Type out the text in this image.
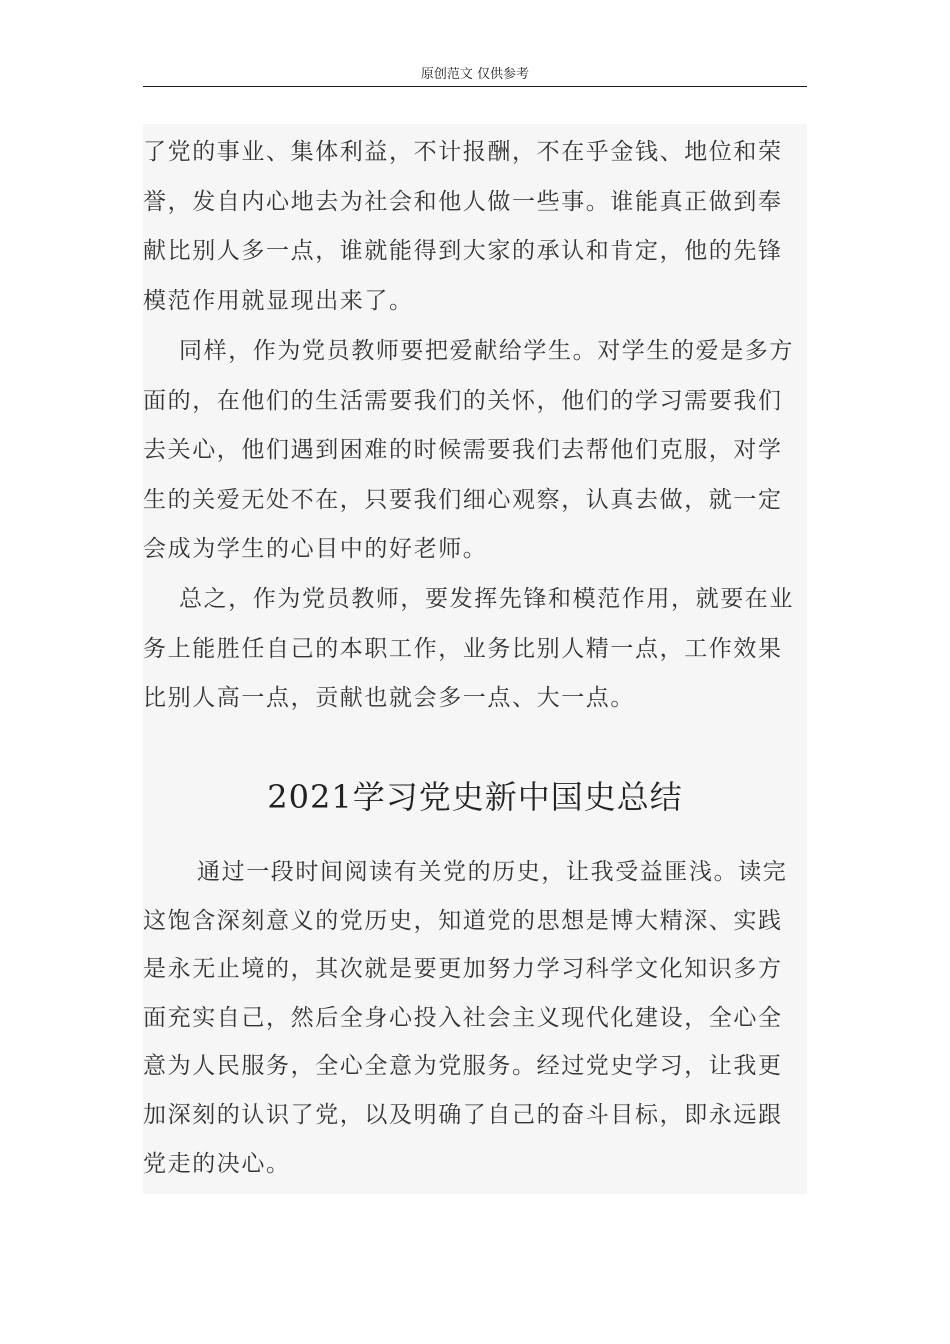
原创范文 仅供参考

了党的事业、集体利益，不计报酬，不在乎金钱、地位和荣誉，发自内心地去为社会和他人做一些事。谁能真正做到奉献比别人多一点，谁就能得到大家的承认和肯定，他的先锋模范作用就显现出来了。

同样，作为党员教师要把爱献给学生。对学生的爱是多方面的，在他们的生活需要我们的关怀，他们的学习需要我们去关心，他们遇到困难的时候需要我们去帮他们克服，对学生的关爱无处不在，只要我们细心观察，认真去做，就一定会成为学生的心目中的好老师。

总之，作为党员教师，要发挥先锋和模范作用，就要在业务上能胜任自己的本职工作，业务比别人精一点，工作效果比别人高一点，贡献也就会多一点、大一点。

2021学习党史新中国史总结

通过一段时间阅读有关党的历史，让我受益匪浅。读完这饱含深刻意义的党历史，知道党的思想是博大精深、实践是永无止境的，其次就是要更加努力学习科学文化知识多方面充实自己，然后全身心投入社会主义现代化建设，全心全意为人民服务，全心全意为党服务。经过党史学习，让我更加深刻的认识了党，以及明确了自己的奋斗目标，即永远跟党走的决心。
